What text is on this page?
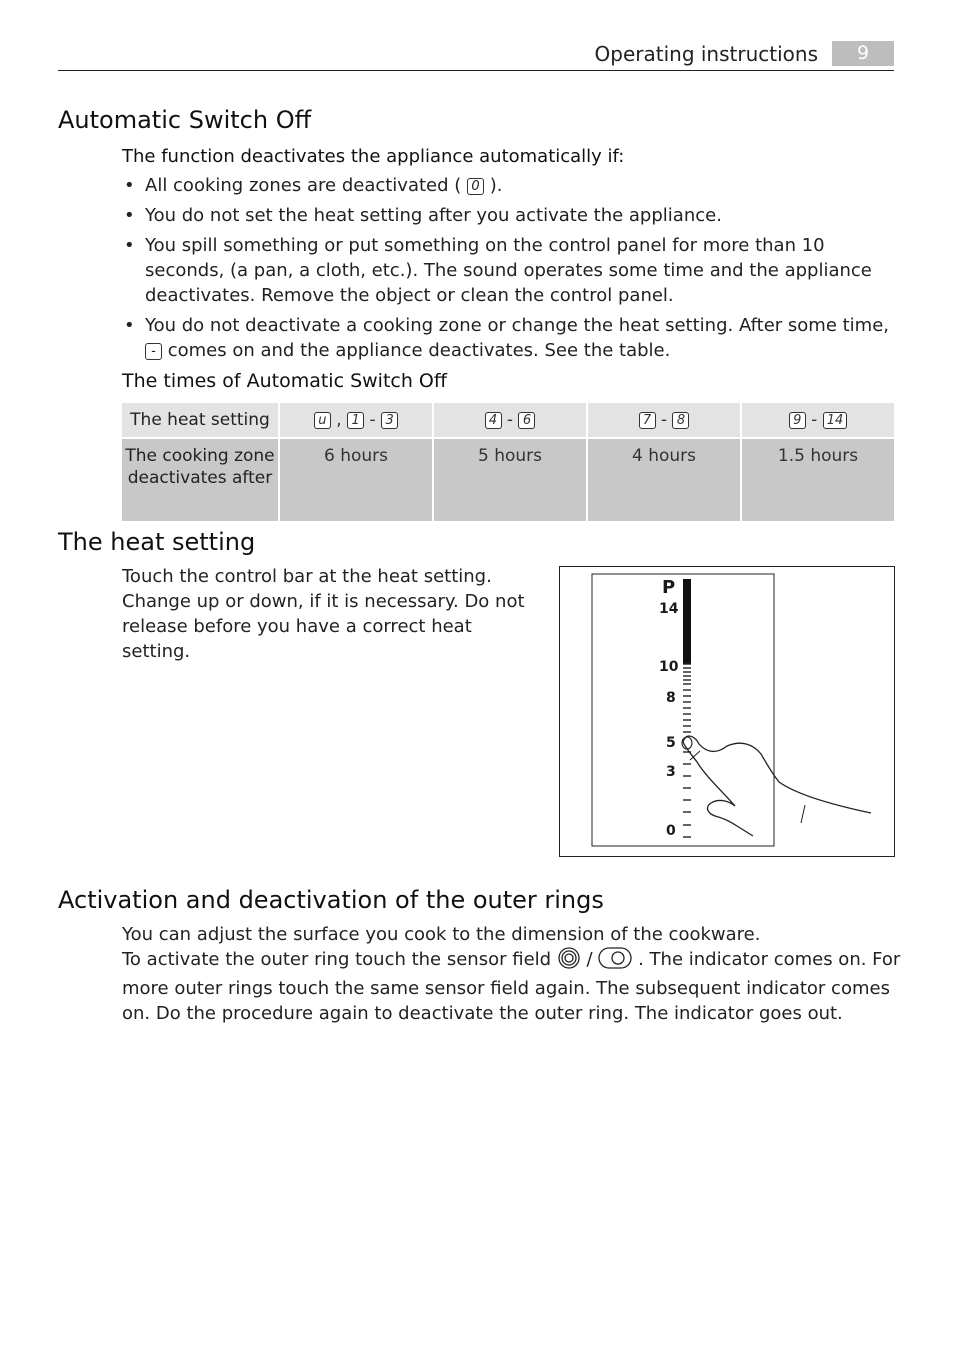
Operating instructions	9
Automatic Switch Off
The function deactivates the appliance automatically if:
• All cooking zones are deactivated ( 0 ).
• You do not set the heat setting after you activate the appliance.
• You spill something or put something on the control panel for more than 10 seconds, (a pan, a cloth, etc.). The sound operates some time and the appliance deactivates. Remove the object or clean the control panel.
• You do not deactivate a cooking zone or change the heat setting. After some time, - comes on and the appliance deactivates. See the table.
The times of Automatic Switch Off
The heat setting	u , 1 - 3	4 - 6	7 - 8	9 - 14

The cooking zone deactivates after	6 hours	5 hours	4 hours	1.5 hours
The heat setting
Touch the control bar at the heat setting. Change up or down, if it is necessary. Do not release before you have a correct heat setting.
P
14
10
8
5
3
0
Activation and deactivation of the outer rings
You can adjust the surface you cook to the dimension of the cookware.
To activate the outer ring touch the sensor field /	. The indicator comes on. For more outer rings touch the same sensor field again. The subsequent indicator comes on. Do the procedure again to deactivate the outer ring. The indicator goes out.
